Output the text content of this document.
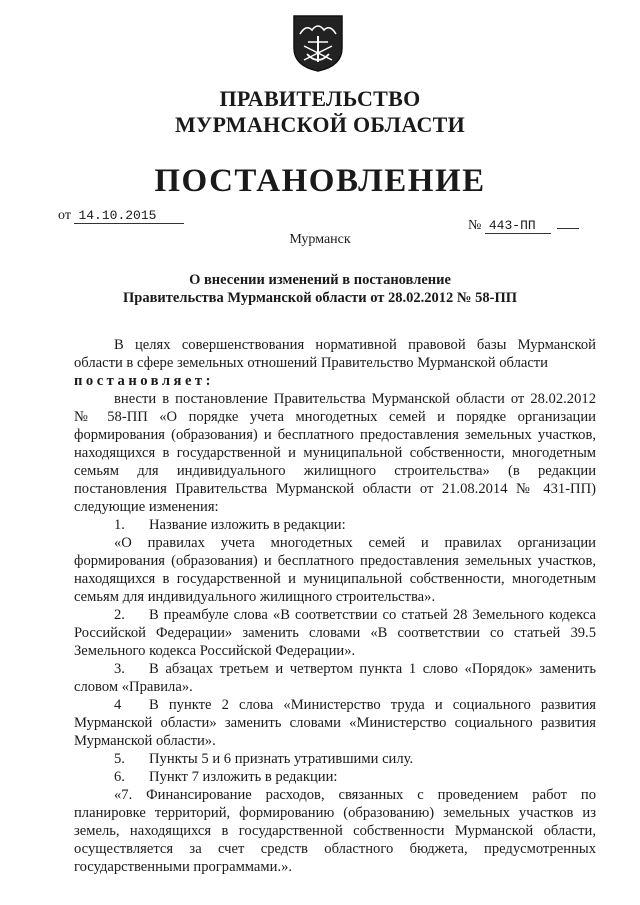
ПРАВИТЕЛЬСТВО
МУРМАНСКОЙ ОБЛАСТИ
ПОСТАНОВЛЕНИЕ
от 14.10.2015
№ 443-ПП
Мурманск
О внесении изменений в постановление
Правительства Мурманской области от 28.02.2012 № 58-ПП

В целях совершенствования нормативной правовой базы Мурманской

области в сфере земельных отношений Правительство Мурманской области

постановляет:

внести в постановление Правительства Мурманской области от 28.02.2012

№ 58-ПП «О порядке учета многодетных семей и порядке организации формирования (образования) и бесплатного предоставления земельных участков, находящихся в государственной и муниципальной собственности, многодетным семьям для индивидуального жилищного строительства» (в редакции постановления Правительства Мурманской области от 21.08.2014 № 431-ПП) следующие изменения:

1. Название изложить в редакции:

«О правилах учета многодетных семей и правилах организации формирования (образования) и бесплатного предоставления земельных участков, находящихся в государственной и муниципальной собственности, многодетным семьям для индивидуального жилищного строительства».

2. В преамбуле слова «В соответствии со статьей 28 Земельного кодекса Российской Федерации» заменить словами «В соответствии со статьей 39.5 Земельного кодекса Российской Федерации».

3. В абзацах третьем и четвертом пункта 1 слово «Порядок» заменить словом «Правила».

4 В пункте 2 слова «Министерство труда и социального развития Мурманской области» заменить словами «Министерство социального развития Мурманской области».

5. Пункты 5 и 6 признать утратившими силу.

6. Пункт 7 изложить в редакции:

«7. Финансирование расходов, связанных с проведением работ по планировке территорий, формированию (образованию) земельных участков из земель, находящихся в государственной собственности Мурманской области, осуществляется за счет средств областного бюджета, предусмотренных государственными программами.».
